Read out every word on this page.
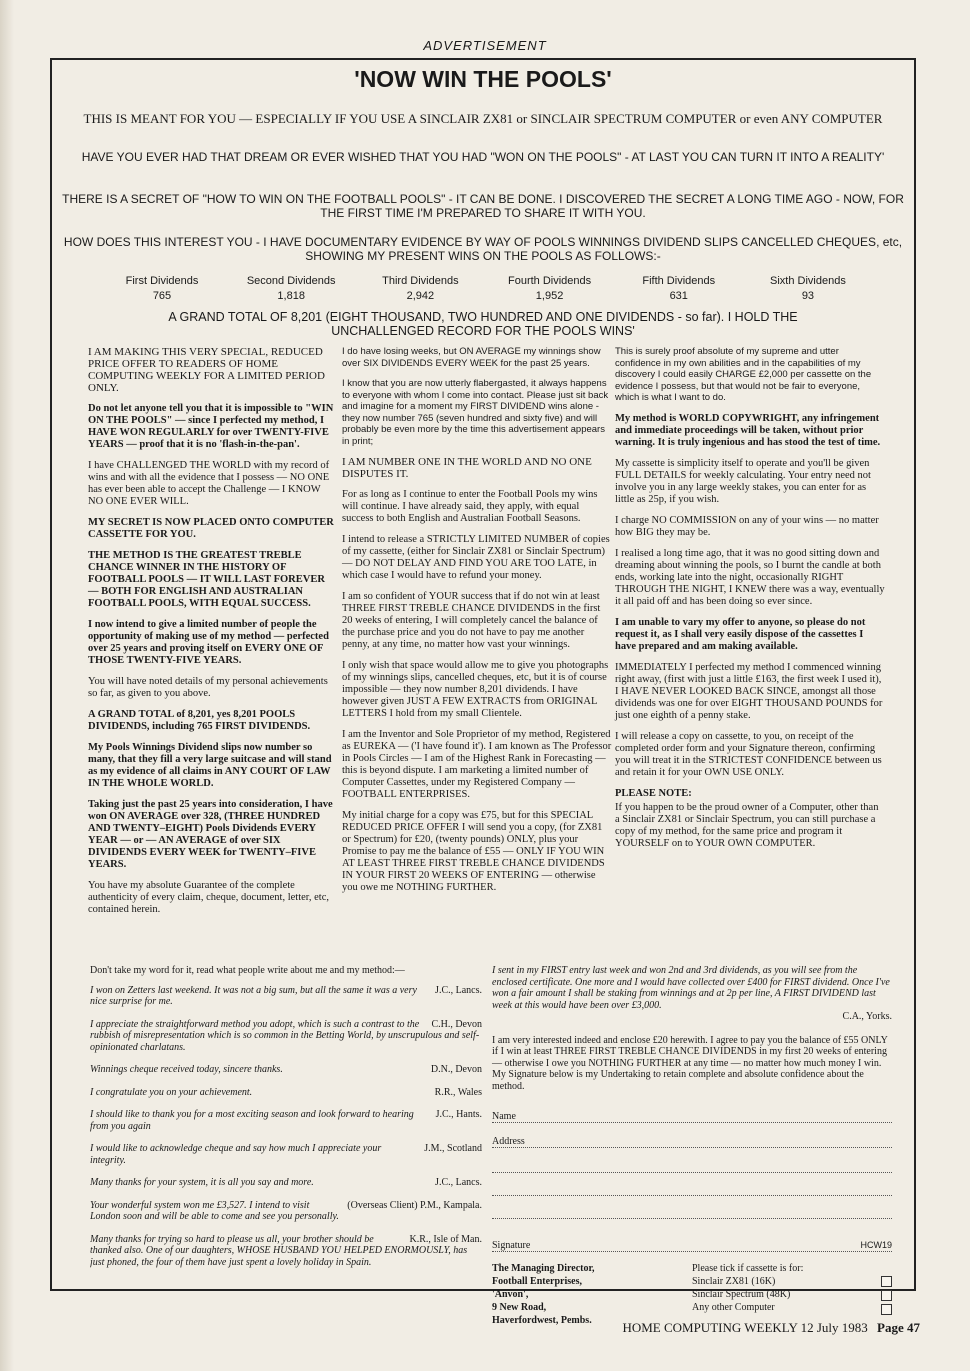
ADVERTISEMENT
'NOW WIN THE POOLS'
THIS IS MEANT FOR YOU — ESPECIALLY IF YOU USE A SINCLAIR ZX81 or SINCLAIR SPECTRUM COMPUTER or even ANY COMPUTER
HAVE YOU EVER HAD THAT DREAM OR EVER WISHED THAT YOU HAD "WON ON THE POOLS" - AT LAST YOU CAN TURN IT INTO A REALITY'
THERE IS A SECRET OF "HOW TO WIN ON THE FOOTBALL POOLS" - IT CAN BE DONE. I DISCOVERED THE SECRET A LONG TIME AGO - NOW, FOR THE FIRST TIME I'M PREPARED TO SHARE IT WITH YOU.
HOW DOES THIS INTEREST YOU - I HAVE DOCUMENTARY EVIDENCE BY WAY OF POOLS WINNINGS DIVIDEND SLIPS CANCELLED CHEQUES, etc, SHOWING MY PRESENT WINS ON THE POOLS AS FOLLOWS:-
First Dividends
765
Second Dividends
1,818
Third Dividends
2,942
Fourth Dividends
1,952
Fifth Dividends
631
Sixth Dividends
93
A GRAND TOTAL OF 8,201 (EIGHT THOUSAND, TWO HUNDRED AND ONE DIVIDENDS - so far). I HOLD THE UNCHALLENGED RECORD FOR THE POOLS WINS'

I AM MAKING THIS VERY SPECIAL, REDUCED PRICE OFFER TO READERS OF HOME COMPUTING WEEKLY FOR A LIMITED PERIOD ONLY.

Do not let anyone tell you that it is impossible to "WIN ON THE POOLS" — since I perfected my method, I HAVE WON REGULARLY for over TWENTY-FIVE YEARS — proof that it is no 'flash-in-the-pan'.

I have CHALLENGED THE WORLD with my record of wins and with all the evidence that I possess — NO ONE has ever been able to accept the Challenge — I KNOW NO ONE EVER WILL.

MY SECRET IS NOW PLACED ONTO COMPUTER CASSETTE FOR YOU.

THE METHOD IS THE GREATEST TREBLE CHANCE WINNER IN THE HISTORY OF FOOTBALL POOLS — IT WILL LAST FOREVER — BOTH FOR ENGLISH AND AUSTRALIAN FOOTBALL POOLS, WITH EQUAL SUCCESS.

I now intend to give a limited number of people the opportunity of making use of my method — perfected over 25 years and proving itself on EVERY ONE OF THOSE TWENTY-FIVE YEARS.

You will have noted details of my personal achievements so far, as given to you above.

A GRAND TOTAL of 8,201, yes 8,201 POOLS DIVIDENDS, including 765 FIRST DIVIDENDS.

My Pools Winnings Dividend slips now number so many, that they fill a very large suitcase and will stand as my evidence of all claims in ANY COURT OF LAW IN THE WHOLE WORLD.

Taking just the past 25 years into consideration, I have won ON AVERAGE over 328, (THREE HUNDRED AND TWENTY–EIGHT) Pools Dividends EVERY YEAR — or — AN AVERAGE of over SIX DIVIDENDS EVERY WEEK for TWENTY–FIVE YEARS.

You have my absolute Guarantee of the complete authenticity of every claim, cheque, document, letter, etc, contained herein.

I do have losing weeks, but ON AVERAGE my winnings show over SIX DIVIDENDS EVERY WEEK for the past 25 years.

I know that you are now utterly flabergasted, it always happens to everyone with whom I come into contact. Please just sit back and imagine for a moment my FIRST DIVIDEND wins alone - they now number 765 (seven hundred and sixty five) and will probably be even more by the time this advertisement appears in print;

I AM NUMBER ONE IN THE WORLD AND NO ONE DISPUTES IT.

For as long as I continue to enter the Football Pools my wins will continue. I have already said, they apply, with equal success to both English and Australian Football Seasons.

I intend to release a STRICTLY LIMITED NUMBER of copies of my cassette, (either for Sinclair ZX81 or Sinclair Spectrum) — DO NOT DELAY AND FIND YOU ARE TOO LATE, in which case I would have to refund your money.

I am so confident of YOUR success that if do not win at least THREE FIRST TREBLE CHANCE DIVIDENDS in the first 20 weeks of entering, I will completely cancel the balance of the purchase price and you do not have to pay me another penny, at any time, no matter how vast your winnings.

I only wish that space would allow me to give you photographs of my winnings slips, cancelled cheques, etc, but it is of course impossible — they now number 8,201 dividends. I have however given JUST A FEW EXTRACTS from ORIGINAL LETTERS I hold from my small Clientele.

I am the Inventor and Sole Proprietor of my method, Registered as EUREKA — ('I have found it'). I am known as The Professor in Pools Circles — I am of the Highest Rank in Forecasting — this is beyond dispute. I am marketing a limited number of Computer Cassettes, under my Registered Company — FOOTBALL ENTERPRISES.

My initial charge for a copy was £75, but for this SPECIAL REDUCED PRICE OFFER I will send you a copy, (for ZX81 or Spectrum) for £20, (twenty pounds) ONLY, plus your Promise to pay me the balance of £55 — ONLY IF YOU WIN AT LEAST THREE FIRST TREBLE CHANCE DIVIDENDS IN YOUR FIRST 20 WEEKS OF ENTERING — otherwise you owe me NOTHING FURTHER.

This is surely proof absolute of my supreme and utter confidence in my own abilities and in the capabilities of my discovery I could easily CHARGE £2,000 per cassette on the evidence I possess, but that would not be fair to everyone, which is what I want to do.

My method is WORLD COPYWRIGHT, any infringement and immediate proceedings will be taken, without prior warning. It is truly ingenious and has stood the test of time.

My cassette is simplicity itself to operate and you'll be given FULL DETAILS for weekly calculating. Your entry need not involve you in any large weekly stakes, you can enter for as little as 25p, if you wish.

I charge NO COMMISSION on any of your wins — no matter how BIG they may be.

I realised a long time ago, that it was no good sitting down and dreaming about winning the pools, so I burnt the candle at both ends, working late into the night, occasionally RIGHT THROUGH THE NIGHT, I KNEW there was a way, eventually it all paid off and has been doing so ever since.

I am unable to vary my offer to anyone, so please do not request it, as I shall very easily dispose of the cassettes I have prepared and am making available.

IMMEDIATELY I perfected my method I commenced winning right away, (first with just a little £163, the first week I used it), I HAVE NEVER LOOKED BACK SINCE, amongst all those dividends was one for over EIGHT THOUSAND POUNDS for just one eighth of a penny stake.

I will release a copy on cassette, to you, on receipt of the completed order form and your Signature thereon, confirming you will treat it in the STRICTEST CONFIDENCE between us and retain it for your OWN USE ONLY.

PLEASE NOTE:

If you happen to be the proud owner of a Computer, other than a Sinclair ZX81 or Sinclair Spectrum, you can still purchase a copy of my method, for the same price and program it YOURSELF on to YOUR OWN COMPUTER.

Don't take my word for it, read what people write about me and my method:—
J.C., Lancs.
I won on Zetters last weekend. It was not a big sum, but all the same it was a very nice surprise for me.
C.H., Devon
I appreciate the straightforward method you adopt, which is such a contrast to the rubbish of misrepresentation which is so common in the Betting World, by unscrupulous and self-opinionated charlatans.
D.N., Devon
Winnings cheque received today, sincere thanks.
R.R., Wales
I congratulate you on your achievement.
J.C., Hants.
I should like to thank you for a most exciting season and look forward to hearing from you again
J.M., Scotland
I would like to acknowledge cheque and say how much I appreciate your integrity.
J.C., Lancs.
Many thanks for your system, it is all you say and more.
(Overseas Client) P.M., Kampala.
Your wonderful system won me £3,527. I intend to visit London soon and will be able to come and see you personally.
K.R., Isle of Man.
Many thanks for trying so hard to please us all, your brother should be thanked also. One of our daughters, WHOSE HUSBAND YOU HELPED ENORMOUSLY, has just phoned, the four of them have just spent a lovely holiday in Spain.
I sent in my FIRST entry last week and won 2nd and 3rd dividends, as you will see from the enclosed certificate. One more and I would have collected over £400 for FIRST dividend. Once I've won a fair amount I shall be staking from winnings and at 2p per line, A FIRST DIVIDEND last week at this would have been over £3,000.
C.A., Yorks.
I am very interested indeed and enclose £20 herewith. I agree to pay you the balance of £55 ONLY if I win at least THREE FIRST TREBLE CHANCE DIVIDENDS in my first 20 weeks of entering — otherwise I owe you NOTHING FURTHER at any time — no matter how much money I win. My Signature below is my Undertaking to retain complete and absolute confidence about the method.
Name
Address
Signature	HCW19
The Managing Director,
Football Enterprises,
'Anvon',
9 New Road,
Haverfordwest, Pembs.
Please tick if cassette is for:
Sinclair ZX81 (16K)
Sinclair Spectrum (48K)
Any other Computer
HOME COMPUTING WEEKLY 12 July 1983 Page 47
